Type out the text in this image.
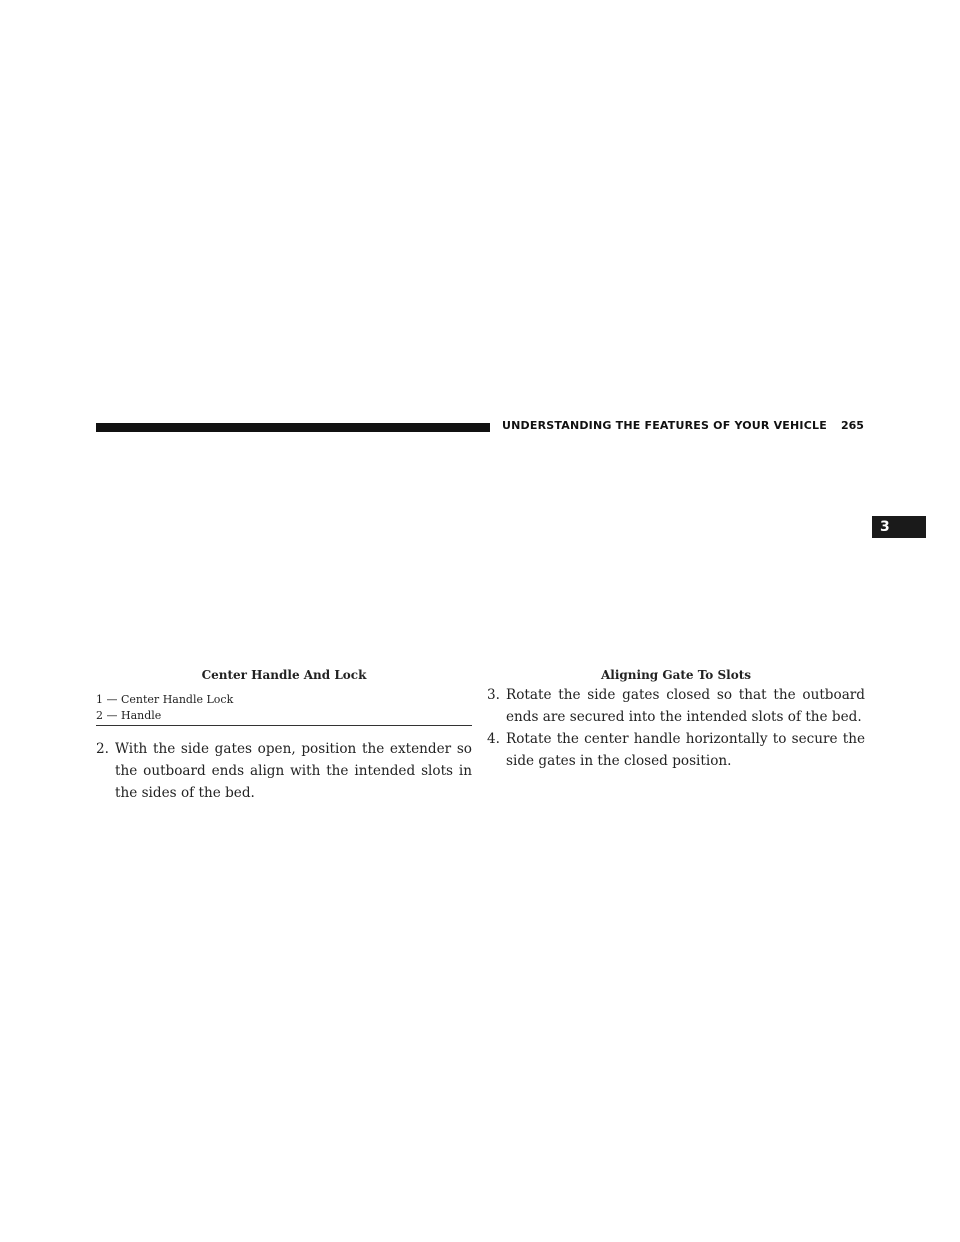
UNDERSTANDING THE FEATURES OF YOUR VEHICLE 265
3
Center Handle And Lock
1 — Center Handle Lock
2 — Handle
Aligning Gate To Slots
2. With the side gates open, position the extender so the outboard ends align with the intended slots in the sides of the bed.
3. Rotate the side gates closed so that the outboard ends are secured into the intended slots of the bed.
4. Rotate the center handle horizontally to secure the side gates in the closed position.
